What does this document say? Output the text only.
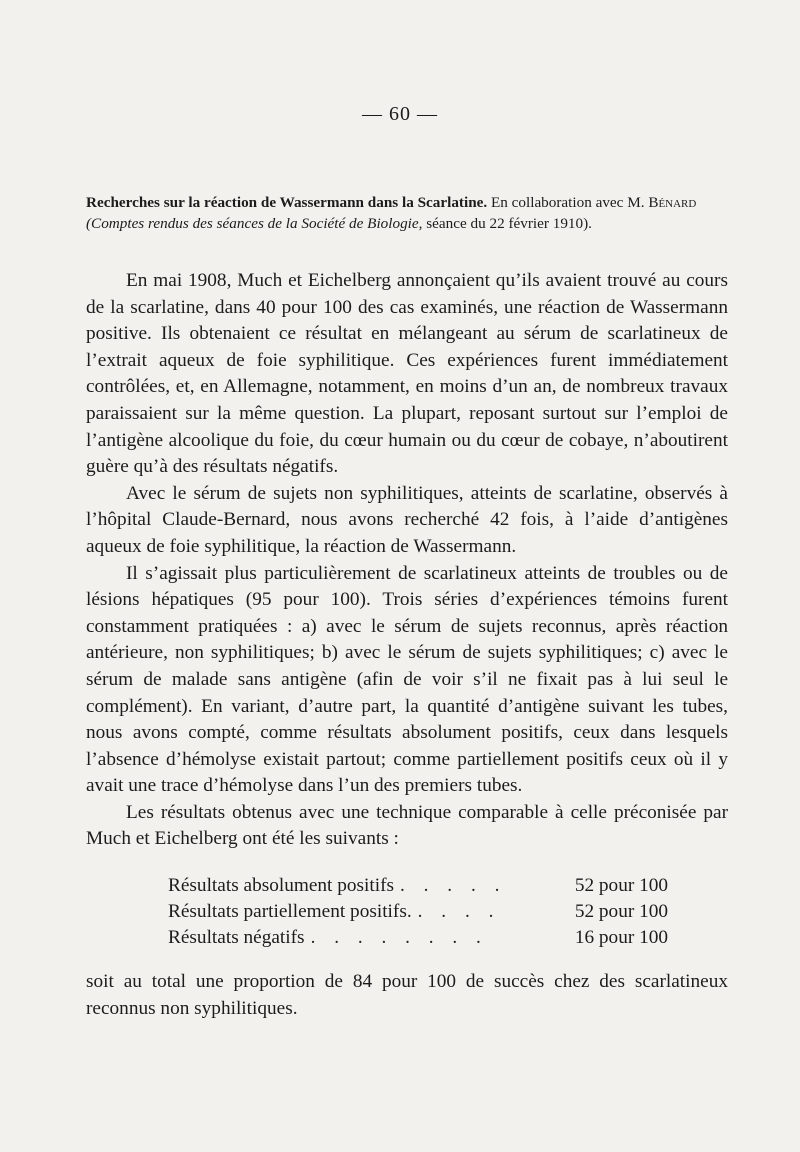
— 60 —
Recherches sur la réaction de Wassermann dans la Scarlatine. En collaboration avec M. Bénard (Comptes rendus des séances de la Société de Biologie, séance du 22 février 1910).

En mai 1908, Much et Eichelberg annonçaient qu’ils avaient trouvé au cours de la scarlatine, dans 40 pour 100 des cas examinés, une réaction de Wassermann positive. Ils obtenaient ce résultat en mélangeant au sérum de scarlatineux de l’extrait aqueux de foie syphilitique. Ces expériences furent immédiatement contrôlées, et, en Allemagne, notamment, en moins d’un an, de nombreux travaux paraissaient sur la même question. La plupart, reposant surtout sur l’emploi de l’antigène alcoolique du foie, du cœur humain ou du cœur de cobaye, n’aboutirent guère qu’à des résultats négatifs.

Avec le sérum de sujets non syphilitiques, atteints de scarlatine, observés à l’hôpital Claude-Bernard, nous avons recherché 42 fois, à l’aide d’antigènes aqueux de foie syphilitique, la réaction de Wassermann.

Il s’agissait plus particulièrement de scarlatineux atteints de troubles ou de lésions hépatiques (95 pour 100). Trois séries d’expériences témoins furent constamment pratiquées : a) avec le sérum de sujets reconnus, après réaction antérieure, non syphilitiques; b) avec le sérum de sujets syphilitiques; c) avec le sérum de malade sans antigène (afin de voir s’il ne fixait pas à lui seul le complément). En variant, d’autre part, la quantité d’antigène suivant les tubes, nous avons compté, comme résultats absolument positifs, ceux dans lesquels l’absence d’hémolyse existait partout; comme partiellement positifs ceux où il y avait une trace d’hémolyse dans l’un des premiers tubes.

Les résultats obtenus avec une technique comparable à celle préconisée par Much et Eichelberg ont été les suivants :

Résultats absolument positifs . . . . .	52 pour 100
Résultats partiellement positifs. . . . .	52 pour 100
Résultats négatifs . . . . . . . .	16 pour 100

soit au total une proportion de 84 pour 100 de succès chez des scarlatineux reconnus non syphilitiques.
